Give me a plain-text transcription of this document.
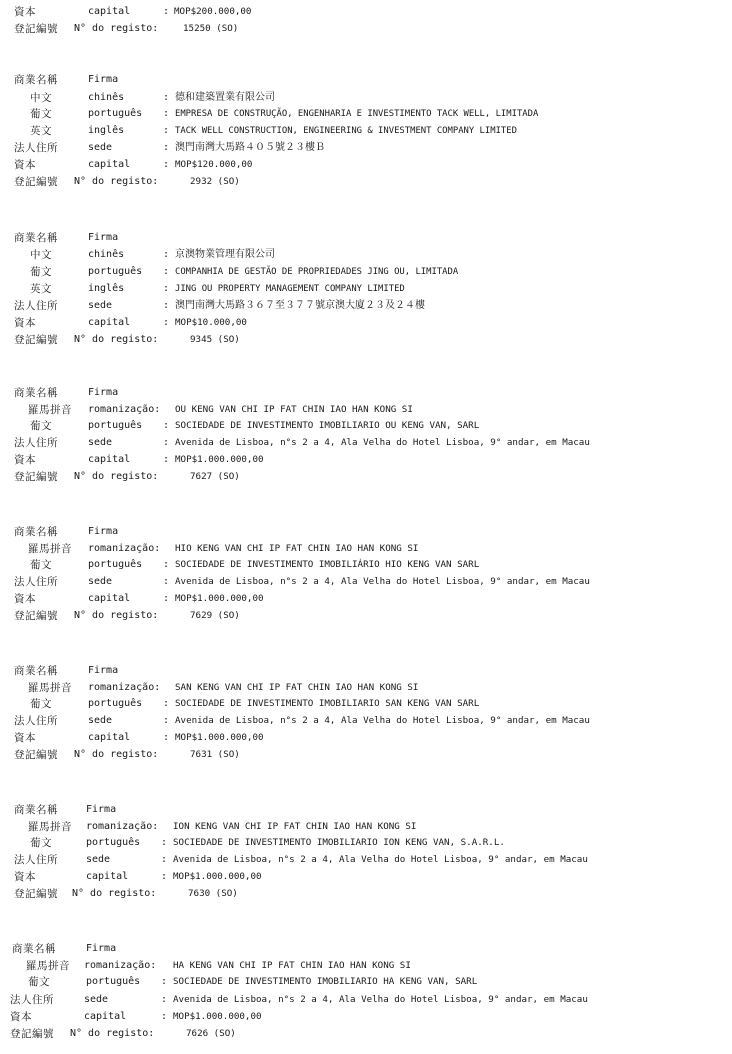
資本	capital	: MOP$200.000,00
登記編號 N° do registo:	15250 (SO)
商業名稱	Firma
中文	chinês	: 德和建築置業有限公司
葡文	português : EMPRESA DE CONSTRUÇÃO, ENGENHARIA E INVESTIMENTO TACK WELL, LIMITADA
英文	inglês	: TACK WELL CONSTRUCTION, ENGINEERING & INVESTMENT COMPANY LIMITED
法人住所	sede	: 澳門南灣大馬路４０５號２３樓Ｂ
資本	capital	: MOP$120.000,00
登記編號 N° do registo:	2932 (SO)
商業名稱	Firma
中文	chinês	: 京澳物業管理有限公司
葡文	português : COMPANHIA DE GESTÃO DE PROPRIEDADES JING OU, LIMITADA
英文	inglês	: JING OU PROPERTY MANAGEMENT COMPANY LIMITED
法人住所	sede	: 澳門南灣大馬路３６７至３７７號京澳大廈２３及２４樓
資本	capital	: MOP$10.000,00
登記編號 N° do registo:	9345 (SO)
商業名稱	Firma
羅馬拼音 romanização: OU KENG VAN CHI IP FAT CHIN IAO HAN KONG SI
葡文	português : SOCIEDADE DE INVESTIMENTO IMOBILIARIO OU KENG VAN, SARL
法人住所	sede	: Avenida de Lisboa, n°s 2 a 4, Ala Velha do Hotel Lisboa, 9° andar, em Macau
資本	capital	: MOP$1.000.000,00
登記編號 N° do registo:	7627 (SO)
商業名稱	Firma
羅馬拼音 romanização: HIO KENG VAN CHI IP FAT CHIN IAO HAN KONG SI
葡文	português : SOCIEDADE DE INVESTIMENTO IMOBILIÁRIO HIO KENG VAN SARL
法人住所	sede	: Avenida de Lisboa, n°s 2 a 4, Ala Velha do Hotel Lisboa, 9° andar, em Macau
資本	capital	: MOP$1.000.000,00
登記編號 N° do registo:	7629 (SO)
商業名稱	Firma
羅馬拼音 romanização: SAN KENG VAN CHI IP FAT CHIN IAO HAN KONG SI
葡文	português : SOCIEDADE DE INVESTIMENTO IMOBILIARIO SAN KENG VAN SARL
法人住所	sede	: Avenida de Lisboa, n°s 2 a 4, Ala Velha do Hotel Lisboa, 9° andar, em Macau
資本	capital	: MOP$1.000.000,00
登記編號 N° do registo:	7631 (SO)
商業名稱	Firma
羅馬拼音 romanização: ION KENG VAN CHI IP FAT CHIN IAO HAN KONG SI
葡文	português : SOCIEDADE DE INVESTIMENTO IMOBILIARIO ION KENG VAN, S.A.R.L.
法人住所	sede	: Avenida de Lisboa, n°s 2 a 4, Ala Velha do Hotel Lisboa, 9° andar, em Macau
資本	capital	: MOP$1.000.000,00
登記編號 N° do registo:	7630 (SO)
商業名稱	Firma
羅馬拼音 romanização: HA KENG VAN CHI IP FAT CHIN IAO HAN KONG SI
葡文	português : SOCIEDADE DE INVESTIMENTO IMOBILIARIO HA KENG VAN, SARL
法人住所	sede	: Avenida de Lisboa, n°s 2 a 4, Ala Velha do Hotel Lisboa, 9° andar, em Macau
資本	capital	: MOP$1.000.000,00
登記編號 N° do registo:	7626 (SO)
